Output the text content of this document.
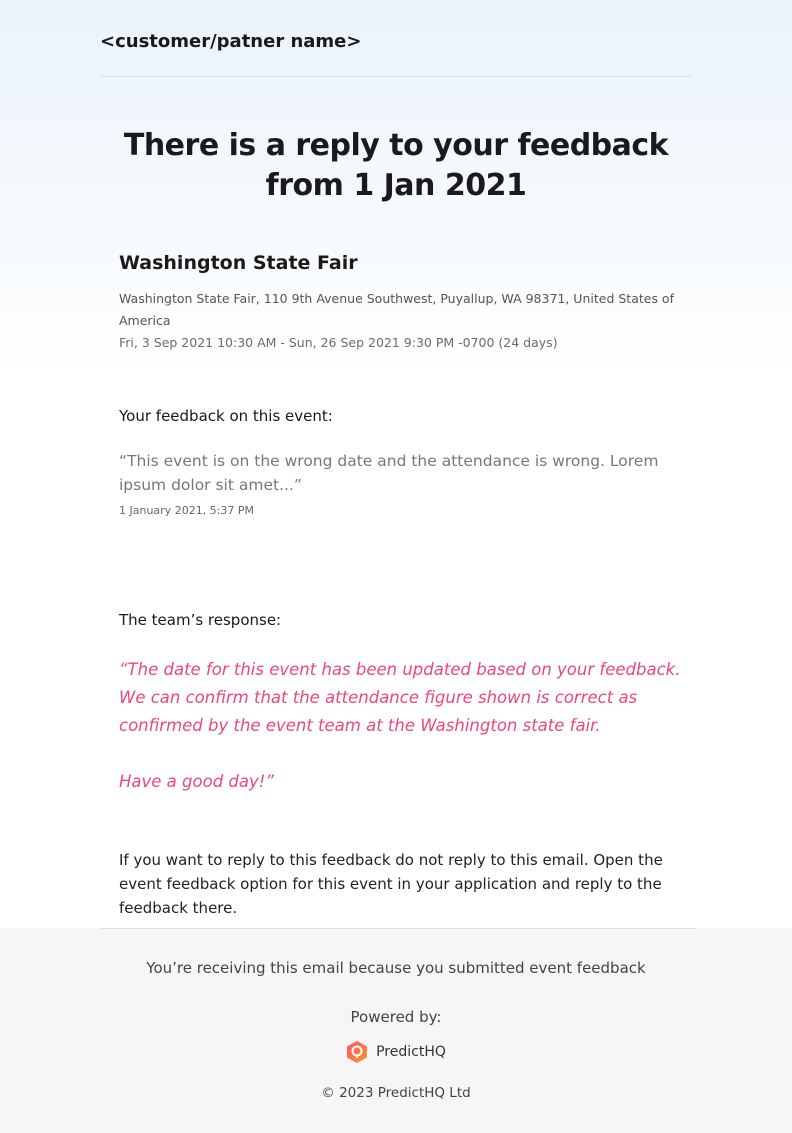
<customer/patner name>
There is a reply to your feedback from 1 Jan 2021
Washington State Fair
Washington State Fair, 110 9th Avenue Southwest, Puyallup, WA 98371, United States of America
Fri, 3 Sep 2021 10:30 AM - Sun, 26 Sep 2021 9:30 PM -0700 (24 days)
Your feedback on this event:
“This event is on the wrong date and the attendance is wrong. Lorem ipsum dolor sit amet...”
1 January 2021, 5:37 PM
The team’s response:
“The date for this event has been updated based on your feedback. We can confirm that the attendance figure shown is correct as confirmed by the event team at the Washington state fair.
Have a good day!”
If you want to reply to this feedback do not reply to this email. Open the event feedback option for this event in your application and reply to the feedback there.
You’re receiving this email because you submitted event feedback
Powered by:
PredictHQ
© 2023 PredictHQ Ltd
